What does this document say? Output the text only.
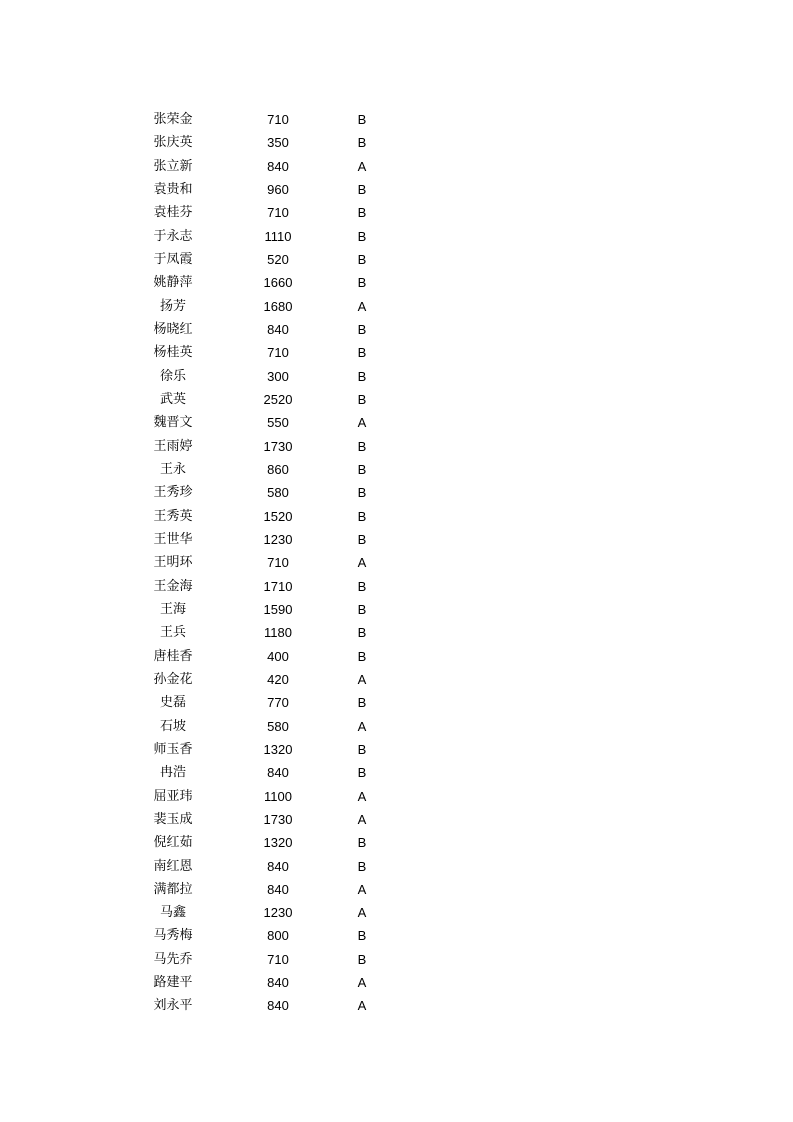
张荣金	710	B
张庆英	350	B
张立新	840	A
袁贵和	960	B
袁桂芬	710	B
于永志	1110	B
于凤霞	520	B
姚静萍	1660	B
扬芳	1680	A
杨晓红	840	B
杨桂英	710	B
徐乐	300	B
武英	2520	B
魏晋文	550	A
王雨婷	1730	B
王永	860	B
王秀珍	580	B
王秀英	1520	B
王世华	1230	B
王明环	710	A
王金海	1710	B
王海	1590	B
王兵	1180	B
唐桂香	400	B
孙金花	420	A
史磊	770	B
石坡	580	A
师玉香	1320	B
冉浩	840	B
屈亚玮	1100	A
裴玉成	1730	A
倪红茹	1320	B
南红恩	840	B
满都拉	840	A
马鑫	1230	A
马秀梅	800	B
马先乔	710	B
路建平	840	A
刘永平	840	A
